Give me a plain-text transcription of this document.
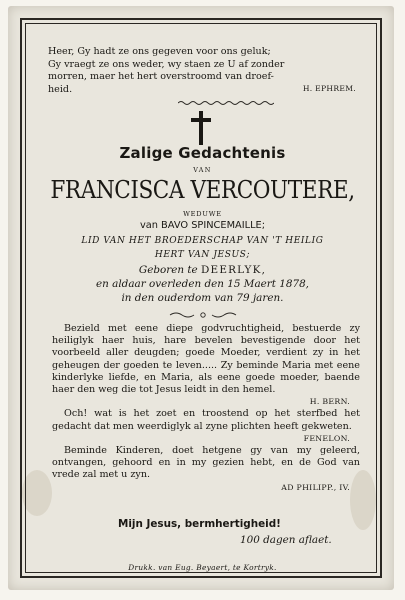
Heer, Gy hadt ze ons gegeven voor ons geluk;

Gy vraegt ze ons weder, wy staen ze U af zonder

morren, maer het hert overstroomd van droef-

heid.	H. EPHREM.
Zalige Gedachtenis
VAN
FRANCISCA VERCOUTERE,
WEDUWE
van BAVO SPINCEMAILLE;
LID VAN HET BROEDERSCHAP VAN 'T HEILIG
HERT VAN JESUS;
Geboren te DEERLYK,
en aldaar overleden den 15 Maert 1878,
in den ouderdom van 79 jaren.

Bezield met eene diepe godvruchtigheid, bestuerde zy heiliglyk haer huis, hare bevelen bevestigende door het voorbeeld aller deugden; goede Moeder, verdient zy in het geheugen der goeden te leven..... Zy beminde Maria met eene kinderlyke liefde, en Maria, als eene goede moeder, baende haer den weg die tot Jesus leidt in den hemel.

H. BERN.

Och! wat is het zoet en troostend op het sterfbed het gedacht dat men weerdiglyk al zyne plichten heeft gekweten.

FENELON.

Beminde Kinderen, doet hetgene gy van my geleerd, ontvangen, gehoord en in my gezien hebt, en de God van vrede zal met u zyn.

AD PHILIPP., IV.

Mijn Jesus, bermhertigheid!
100 dagen aflaet.
Drukk. van Eug. Beyaert, te Kortryk.
